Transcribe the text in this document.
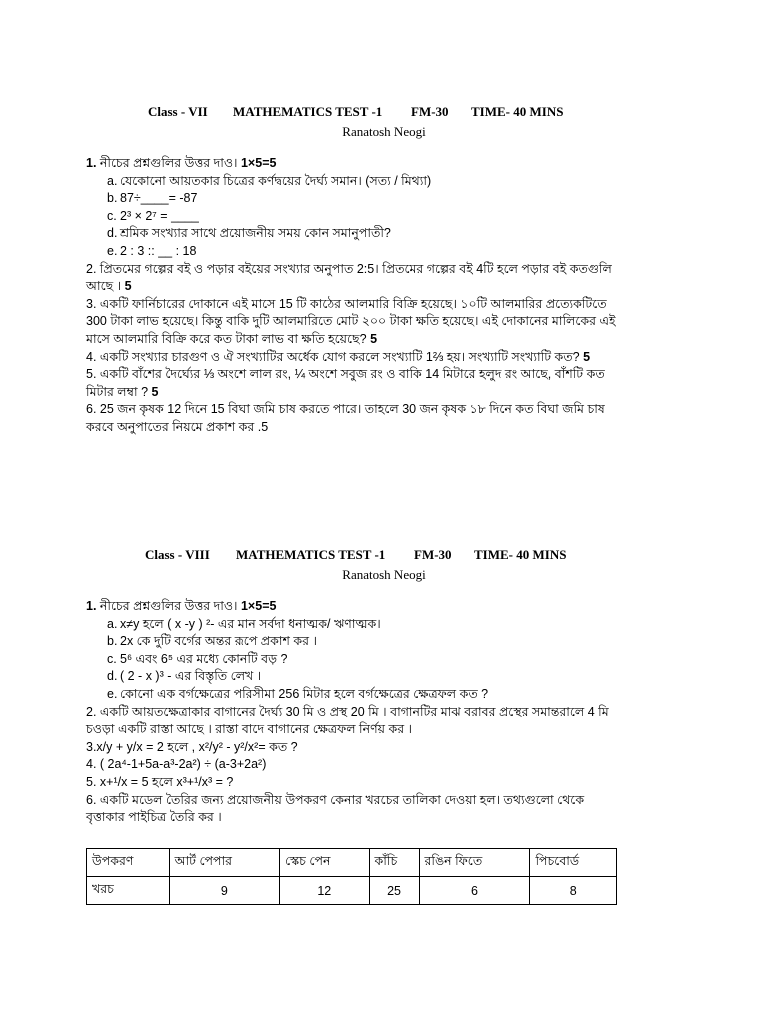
Class - VII MATHEMATICS TEST -1 FM-30 TIME- 40 MINS
Ranatosh Neogi

1. নীচের প্রশ্নগুলির উত্তর দাও। 1×5=5

a. যেকোনো আয়তকার চিত্রের কর্ণদ্বয়ের দৈর্ঘ্য সমান। (সত্য / মিথ্যা)
b. 87÷____= -87
c. 2³ × 2⁷ = ____
d. শ্রমিক সংখ্যার সাথে প্রয়োজনীয় সময় কোন সমানুপাতী?
e. 2 : 3 :: __ : 18

2. প্রিতমের গল্পের বই ও পড়ার বইয়ের সংখ্যার অনুপাত 2:5। প্রিতমের গল্পের বই 4টি হলে পড়ার বই কতগুলি আছে । 5

3. একটি ফার্নিচারের দোকানে এই মাসে 15 টি কাঠের আলমারি বিক্রি হয়েছে। ১০টি আলমারির প্রত্যেকটিতে 300 টাকা লাভ হয়েছে। কিন্তু বাকি দুটি আলমারিতে মোট ২০০ টাকা ক্ষতি হয়েছে। এই দোকানের মালিকের এই মাসে আলমারি বিক্রি করে কত টাকা লাভ বা ক্ষতি হয়েছে? 5

4. একটি সংখ্যার চারগুণ ও ঐ সংখ্যাটির অর্ধেক যোগ করলে সংখ্যাটি 1⅔ হয়। সংখ্যাটি সংখ্যাটি কত? 5

5. একটি বাঁশের দৈর্ঘ্যের ⅓ অংশে লাল রং, ¼ অংশে সবুজ রং ও বাকি 14 মিটারে হলুদ রং আছে, বাঁশটি কত মিটার লম্বা ? 5

6. 25 জন কৃষক 12 দিনে 15 বিঘা জমি চাষ করতে পারে। তাহলে 30 জন কৃষক ১৮ দিনে কত বিঘা জমি চাষ করবে অনুপাতের নিয়মে প্রকাশ কর .5

Class - VIII MATHEMATICS TEST -1 FM-30 TIME- 40 MINS
Ranatosh Neogi

1. নীচের প্রশ্নগুলির উত্তর দাও। 1×5=5

a. x≠y হলে ( x -y ) ²- এর মান সর্বদা ধনাত্মক/ ঋণাত্মক।
b. 2x কে দুটি বর্গের অন্তর রূপে প্রকাশ কর ।
c. 5⁶ এবং 6⁵ এর মধ্যে কোনটি বড় ?
d. ( 2 - x )³ - এর বিস্তৃতি লেখ ।
e. কোনো এক বর্গক্ষেত্রের পরিসীমা 256 মিটার হলে বর্গক্ষেত্রের ক্ষেত্রফল কত ?

2. একটি আয়তক্ষেত্রাকার বাগানের দৈর্ঘ্য 30 মি ও প্রস্থ 20 মি । বাগানটির মাঝ বরাবর প্রস্থের সমান্তরালে 4 মি চওড়া একটি রাস্তা আছে । রাস্তা বাদে বাগানের ক্ষেত্রফল নির্ণয় কর ।

3.x/y + y/x = 2 হলে , x²/y² - y²/x²= কত ?

4. ( 2a⁴-1+5a-a³-2a²) ÷ (a-3+2a²)

5. x+¹/x = 5 হলে x³+¹/x³ = ?

6. একটি মডেল তৈরির জন্য প্রয়োজনীয় উপকরণ কেনার খরচের তালিকা দেওয়া হল। তথ্যগুলো থেকে বৃত্তাকার পাইচিত্র তৈরি কর ।

উপকরণ	আর্ট পেপার	স্কেচ পেন	কাঁচি	রঙিন ফিতে	পিচবোর্ড
খরচ	9	12	25	6	8
